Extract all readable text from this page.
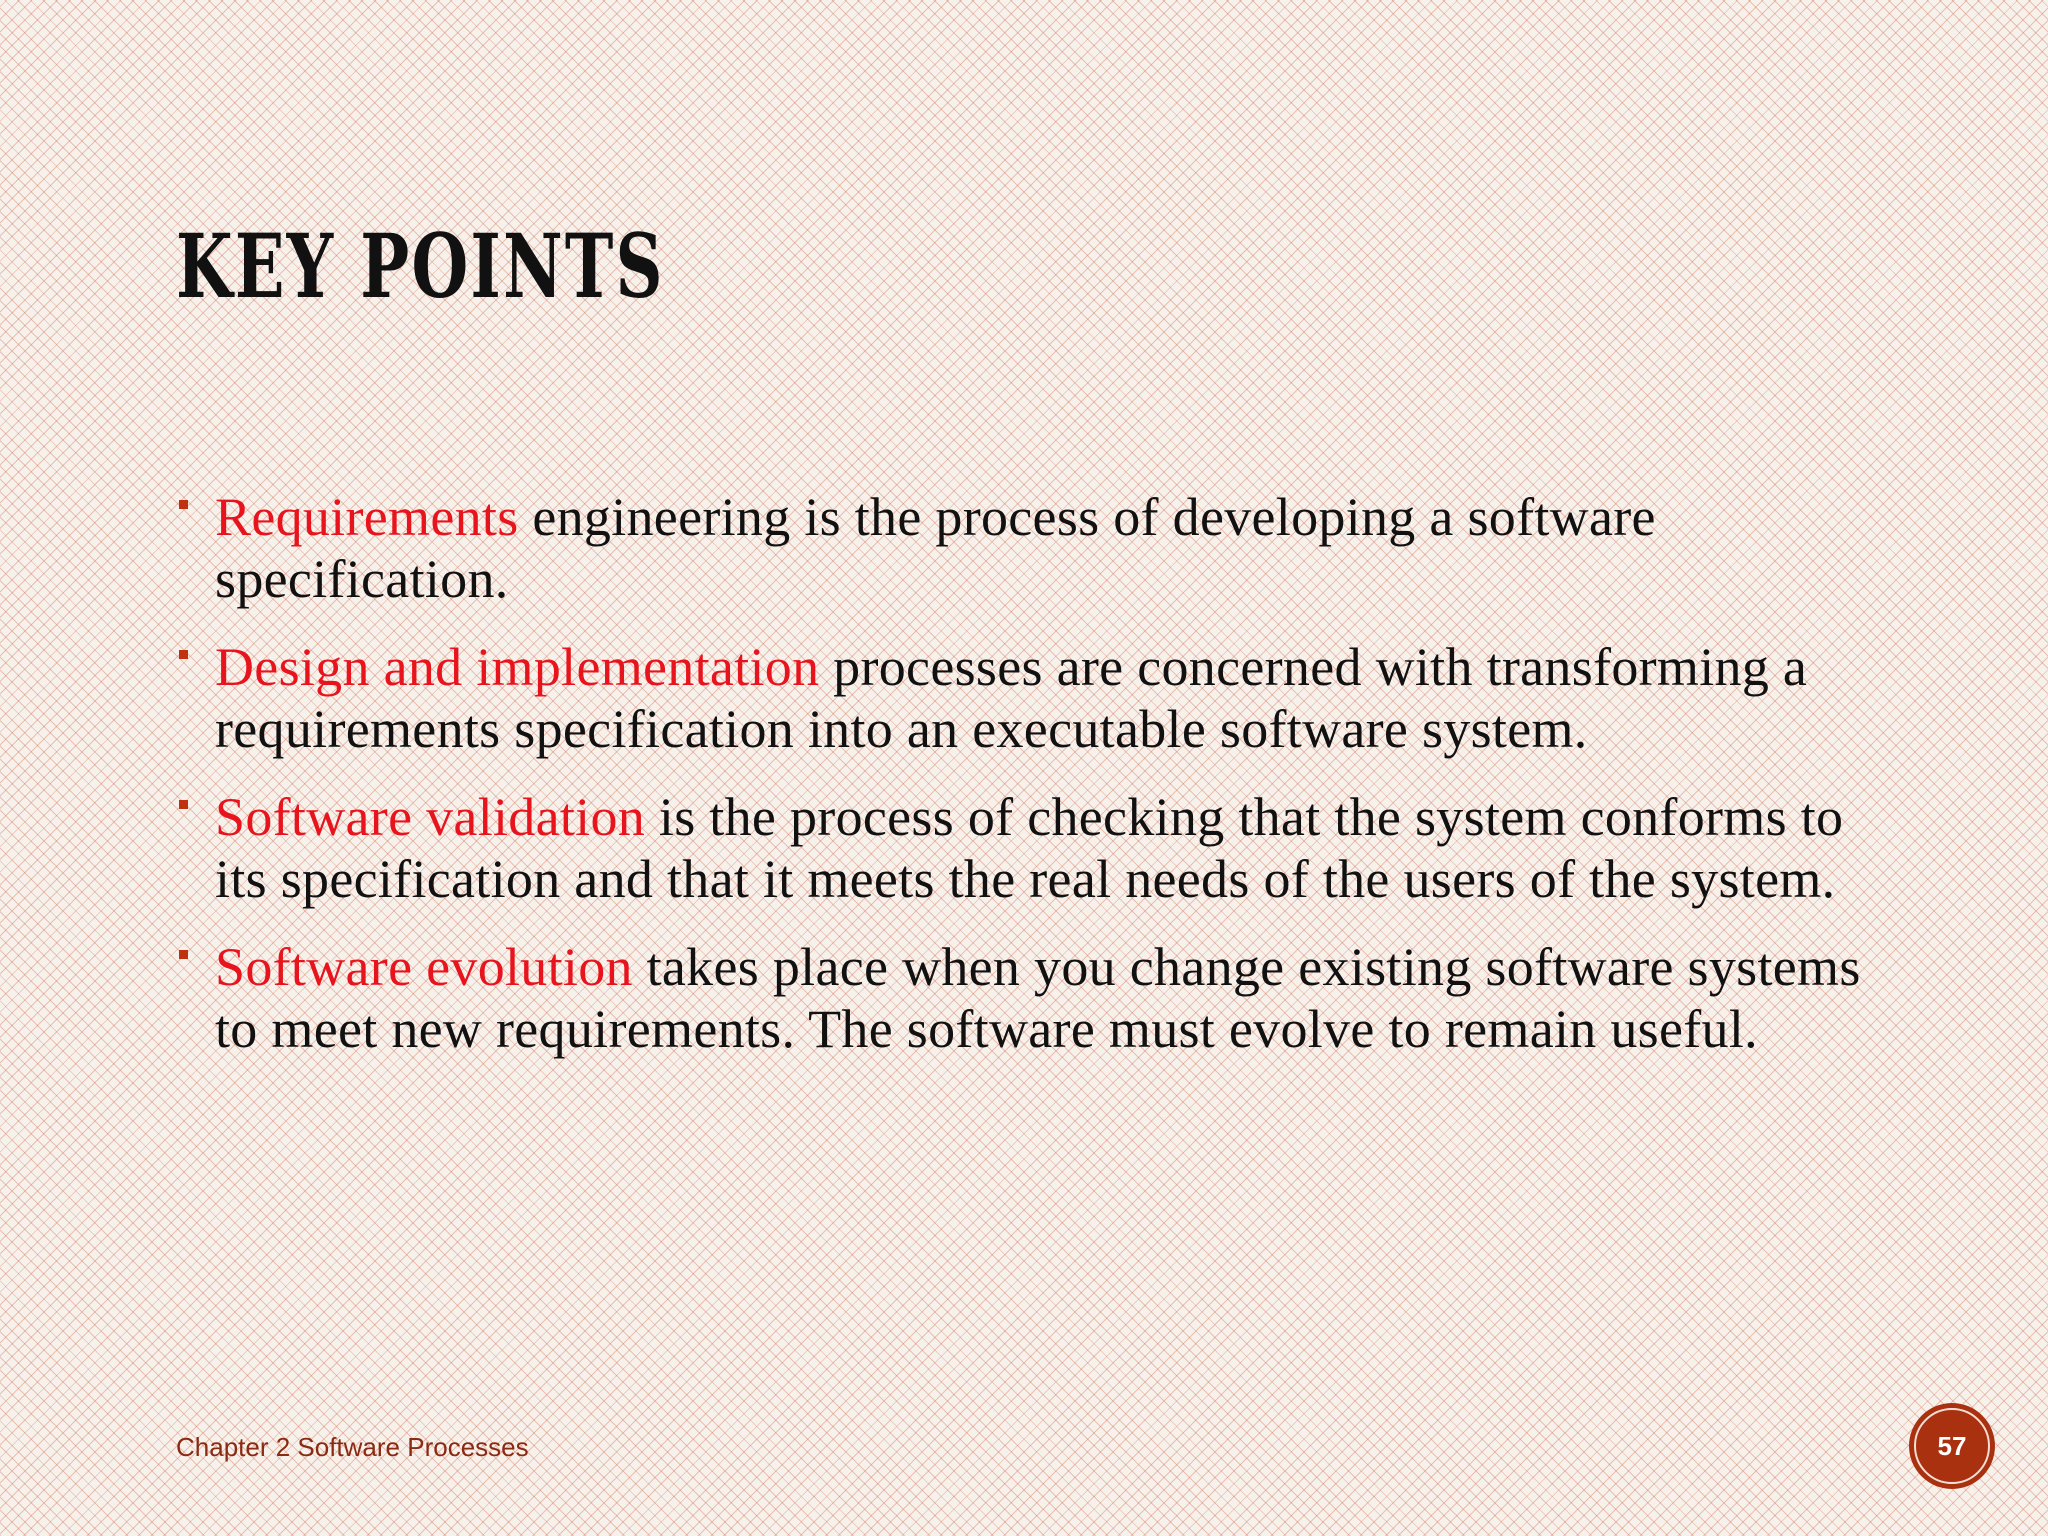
KEY POINTS
Requirements engineering is the process of developing a software specification.
Design and implementation processes are concerned with transforming a requirements specification into an executable software system.
Software validation is the process of checking that the system conforms to its specification and that it meets the real needs of the users of the system.
Software evolution takes place when you change existing software systems to meet new requirements. The software must evolve to remain useful.
Chapter 2 Software Processes	57
